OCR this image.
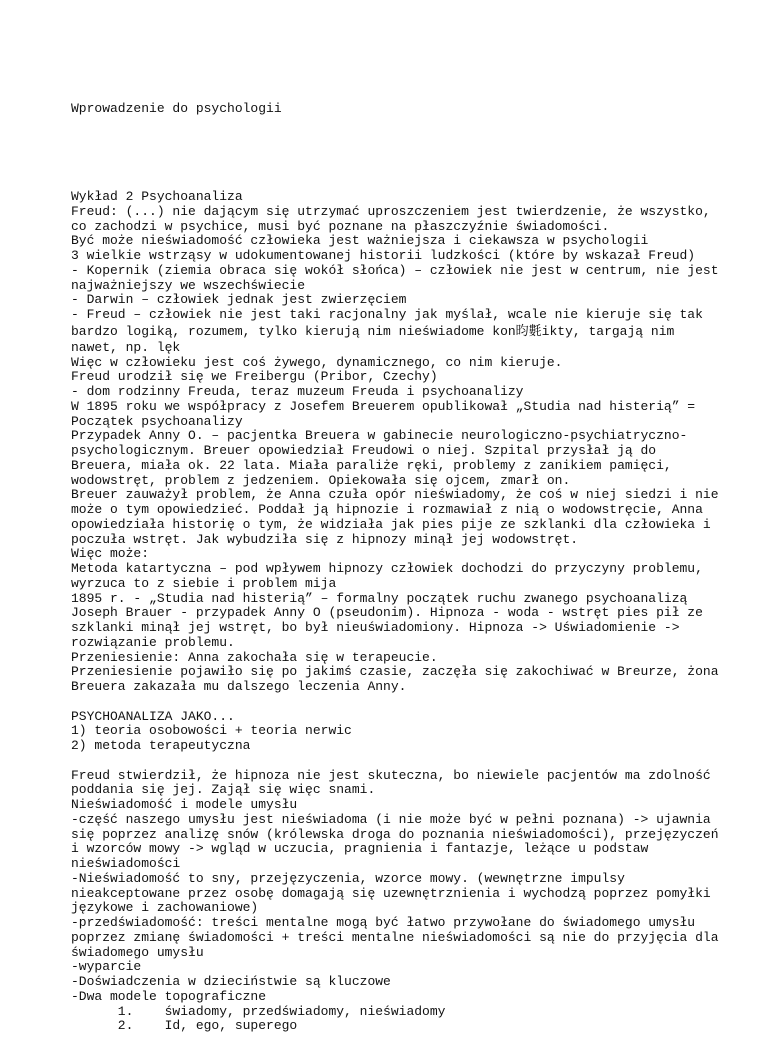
Wprowadzenie do psychologii

Wykład 2 Psychoanaliza
Freud: (...) nie dającym się utrzymać uproszczeniem jest twierdzenie, że wszystko,
co zachodzi w psychice, musi być poznane na płaszczyźnie świadomości.
Być może nieświadomość człowieka jest ważniejsza i ciekawsza w psychologii
3 wielkie wstrząsy w udokumentowanej historii ludzkości (które by wskazał Freud)
- Kopernik (ziemia obraca się wokół słońca) – człowiek nie jest w centrum, nie jest
najważniejszy we wszechświecie
- Darwin – człowiek jednak jest zwierzęciem
- Freud – człowiek nie jest taki racjonalny jak myślał, wcale nie kieruje się tak
bardzo logiką, rozumem, tylko kierują nim nieświadome kon昀氀ikty, targają nim
nawet, np. lęk
Więc w człowieku jest coś żywego, dynamicznego, co nim kieruje.
Freud urodził się we Freibergu (Pribor, Czechy)
- dom rodzinny Freuda, teraz muzeum Freuda i psychoanalizy
W 1895 roku we współpracy z Josefem Breuerem opublikował „Studia nad histerią” =
Początek psychoanalizy
Przypadek Anny O. – pacjentka Breuera w gabinecie neurologiczno-psychiatryczno-
psychologicznym. Breuer opowiedział Freudowi o niej. Szpital przysłał ją do
Breuera, miała ok. 22 lata. Miała paraliże ręki, problemy z zanikiem pamięci,
wodowstręt, problem z jedzeniem. Opiekowała się ojcem, zmarł on.
Breuer zauważył problem, że Anna czuła opór nieświadomy, że coś w niej siedzi i nie
może o tym opowiedzieć. Poddał ją hipnozie i rozmawiał z nią o wodowstręcie, Anna
opowiedziała historię o tym, że widziała jak pies pije ze szklanki dla człowieka i
poczuła wstręt. Jak wybudziła się z hipnozy minął jej wodowstręt.
Więc może:
Metoda katartyczna – pod wpływem hipnozy człowiek dochodzi do przyczyny problemu,
wyrzuca to z siebie i problem mija
1895 r. - „Studia nad histerią” – formalny początek ruchu zwanego psychoanalizą
Joseph Brauer - przypadek Anny O (pseudonim). Hipnoza - woda - wstręt pies pił ze
szklanki minął jej wstręt, bo był nieuświadomiony. Hipnoza -> Uświadomienie ->
rozwiązanie problemu.
Przeniesienie: Anna zakochała się w terapeucie.
Przeniesienie pojawiło się po jakimś czasie, zaczęła się zakochiwać w Breurze, żona
Breuera zakazała mu dalszego leczenia Anny.
PSYCHOANALIZA JAKO...
1) teoria osobowości + teoria nerwic
2) metoda terapeutyczna
Freud stwierdził, że hipnoza nie jest skuteczna, bo niewiele pacjentów ma zdolność
poddania się jej. Zajął się więc snami.
Nieświadomość i modele umysłu
-część naszego umysłu jest nieświadoma (i nie może być w pełni poznana) -> ujawnia
się poprzez analizę snów (królewska droga do poznania nieświadomości), przejęzyczeń
i wzorców mowy -> wgląd w uczucia, pragnienia i fantazje, leżące u podstaw
nieświadomości
-Nieświadomość to sny, przejęzyczenia, wzorce mowy. (wewnętrzne impulsy
nieakceptowane przez osobę domagają się uzewnętrznienia i wychodzą poprzez pomyłki
językowe i zachowaniowe)
-przedświadomość: treści mentalne mogą być łatwo przywołane do świadomego umysłu
poprzez zmianę świadomości + treści mentalne nieświadomości są nie do przyjęcia dla
świadomego umysłu
-wyparcie
-Doświadczenia w dzieciństwie są kluczowe
-Dwa modele topograficzne
1.    świadomy, przedświadomy, nieświadomy
2.    Id, ego, superego
